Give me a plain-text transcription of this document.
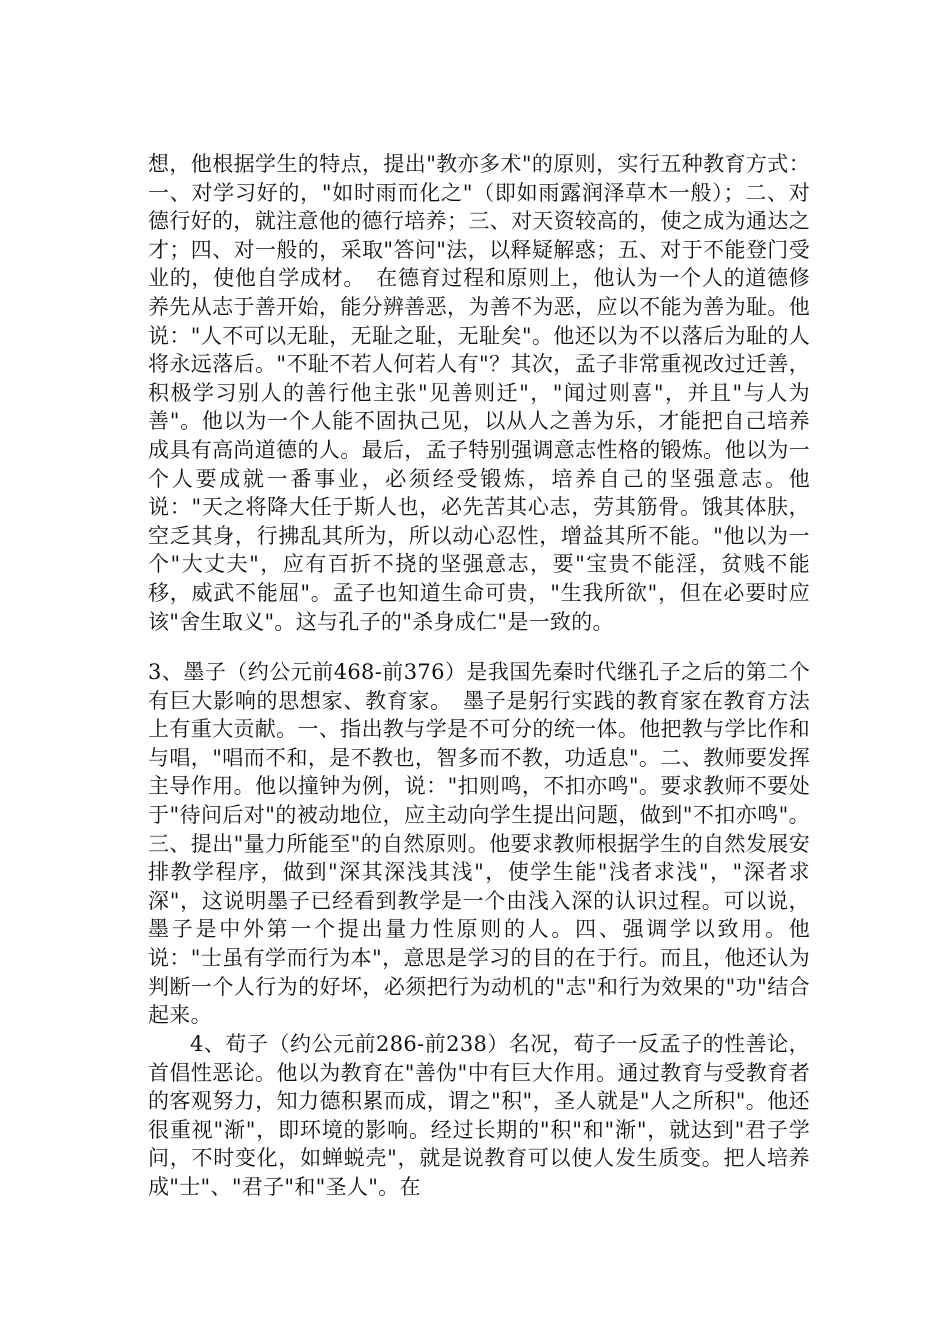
想，他根据学生的特点，提出"教亦多术"的原则，实行五种教育方式：一、对学习好的，"如时雨而化之"（即如雨露润泽草木一般）；二、对德行好的，就注意他的德行培养；三、对天资较高的，使之成为通达之才；四、对一般的，采取"答问"法，以释疑解惑；五、对于不能登门受业的，使他自学成材。　在德育过程和原则上，他认为一个人的道德修养先从志于善开始，能分辨善恶，为善不为恶，应以不能为善为耻。他说："人不可以无耻，无耻之耻，无耻矣"。他还以为不以落后为耻的人将永远落后。"不耻不若人何若人有"？其次，孟子非常重视改过迁善，积极学习别人的善行他主张"见善则迁"，"闻过则喜"，并且"与人为善"。他以为一个人能不固执己见，以从人之善为乐，才能把自己培养成具有高尚道德的人。最后，孟子特别强调意志性格的锻炼。他以为一个人要成就一番事业，必须经受锻炼，培养自己的坚强意志。他说："天之将降大任于斯人也，必先苦其心志，劳其筋骨。饿其体肤，空乏其身，行拂乱其所为，所以动心忍性，增益其所不能。"他以为一个"大丈夫"，应有百折不挠的坚强意志，要"宝贵不能淫，贫贱不能移，威武不能屈"。孟子也知道生命可贵，"生我所欲"，但在必要时应该"舍生取义"。这与孔子的"杀身成仁"是一致的。

3、墨子（约公元前468-前376）是我国先秦时代继孔子之后的第二个有巨大影响的思想家、教育家。　墨子是躬行实践的教育家在教育方法上有重大贡献。一、指出教与学是不可分的统一体。他把教与学比作和与唱，"唱而不和，是不教也，智多而不教，功适息"。二、教师要发挥主导作用。他以撞钟为例，说："扣则鸣，不扣亦鸣"。要求教师不要处于"待问后对"的被动地位，应主动向学生提出问题，做到"不扣亦鸣"。三、提出"量力所能至"的自然原则。他要求教师根据学生的自然发展安排教学程序，做到"深其深浅其浅"，使学生能"浅者求浅"，"深者求深"，这说明墨子已经看到教学是一个由浅入深的认识过程。可以说，墨子是中外第一个提出量力性原则的人。四、强调学以致用。他说："士虽有学而行为本"，意思是学习的目的在于行。而且，他还认为判断一个人行为的好坏，必须把行为动机的"志"和行为效果的"功"结合起来。

4、荀子（约公元前286-前238）名况，荀子一反孟子的性善论，首倡性恶论。他以为教育在"善伪"中有巨大作用。通过教育与受教育者的客观努力，知力德积累而成，谓之"积"，圣人就是"人之所积"。他还很重视"渐"，即环境的影响。经过长期的"积"和"渐"，就达到"君子学问，不时变化，如蝉蜕壳"，就是说教育可以使人发生质变。把人培养成"士"、"君子"和"圣人"。在
